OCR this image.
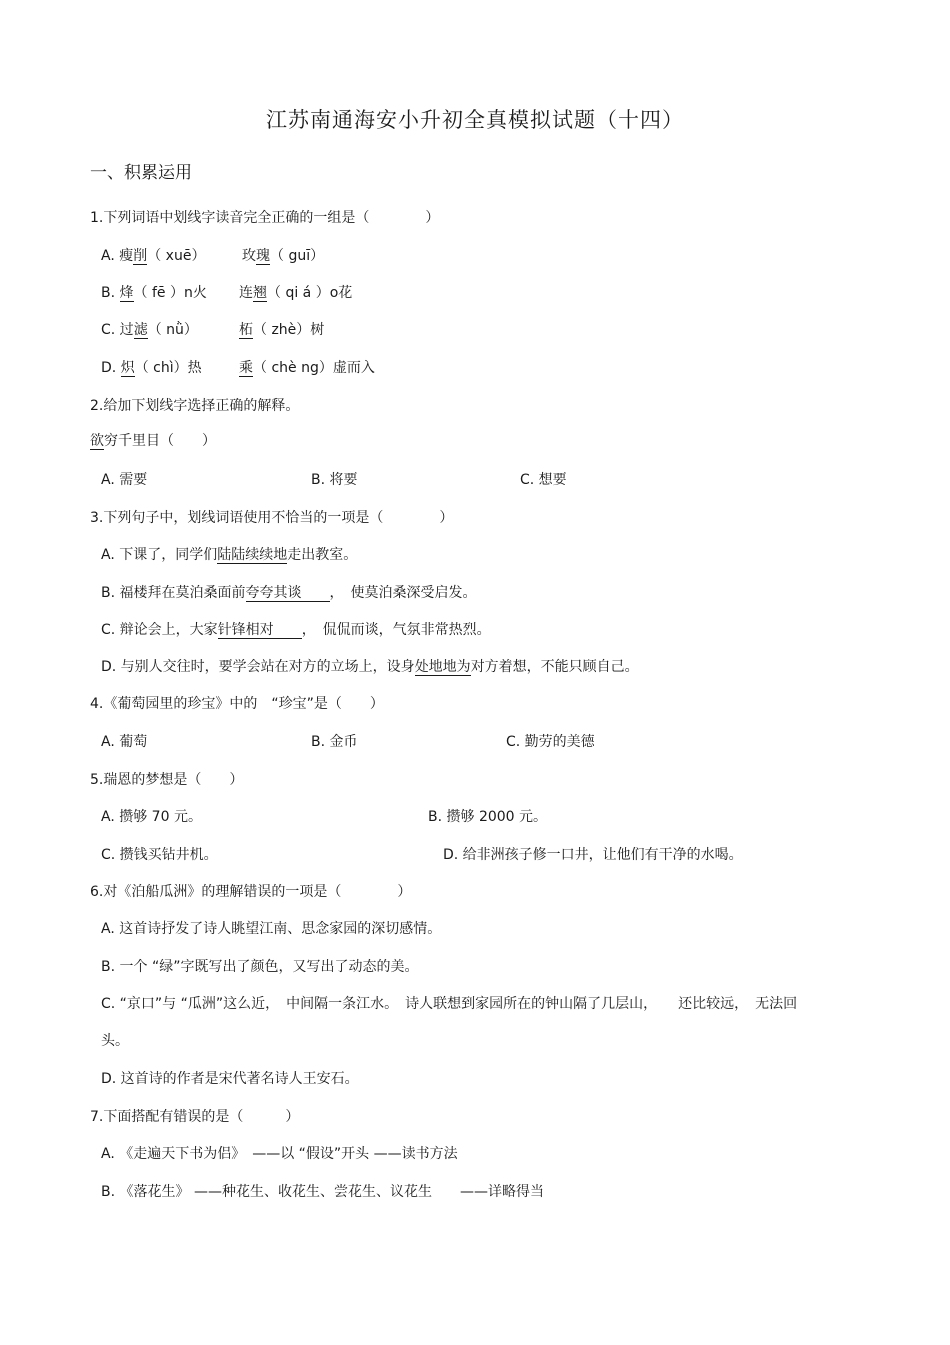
江苏南通海安小升初全真模拟试题（十四）
一、积累运用
1.下列词语中划线字读音完全正确的一组是（　　　　）
A. 瘦削（ xuē）	玫瑰（ guī）
B. 烽（ fē ）n火 连翘（ qi á ）o花
C. 过滤（ nǜ）	柘（ zhè）树
D. 炽（ chì）热	乘（ chè ng）虚而入
2.给加下划线字选择正确的解释。
欲穷千里目（　　）
A. 需要	B. 将要	C. 想要
3.下列句子中，划线词语使用不恰当的一项是（　　　　）
A. 下课了，同学们陆陆续续地走出教室。
B. 福楼拜在莫泊桑面前夸夸其谈　　，　使莫泊桑深受启发。
C. 辩论会上，大家针锋相对　　，　侃侃而谈，气氛非常热烈。
D. 与别人交往时，要学会站在对方的立场上，设身处地地为对方着想，不能只顾自己。
4.《葡萄园里的珍宝》中的　“珍宝”是（　　）
A. 葡萄	B. 金币	C. 勤劳的美德
5.瑞恩的梦想是（　　）
A. 攒够 70 元。	B. 攒够 2000 元。
C. 攒钱买钻井机。	D. 给非洲孩子修一口井，让他们有干净的水喝。
6.对《泊船瓜洲》的理解错误的一项是（　　　　）
A. 这首诗抒发了诗人眺望江南、思念家园的深切感情。
B. 一个 “绿”字既写出了颜色，又写出了动态的美。
C. “京口”与 “瓜洲”这么近，　中间隔一条江水。　诗人联想到家园所在的钟山隔了几层山，　　还比较远，　无法回
头。
D. 这首诗的作者是宋代著名诗人王安石。
7.下面搭配有错误的是（　　　）
A. 《走遍天下书为侣》　——以 “假设”开头 ——读书方法
B. 《落花生》 ——种花生、收花生、尝花生、议花生　　——详略得当
